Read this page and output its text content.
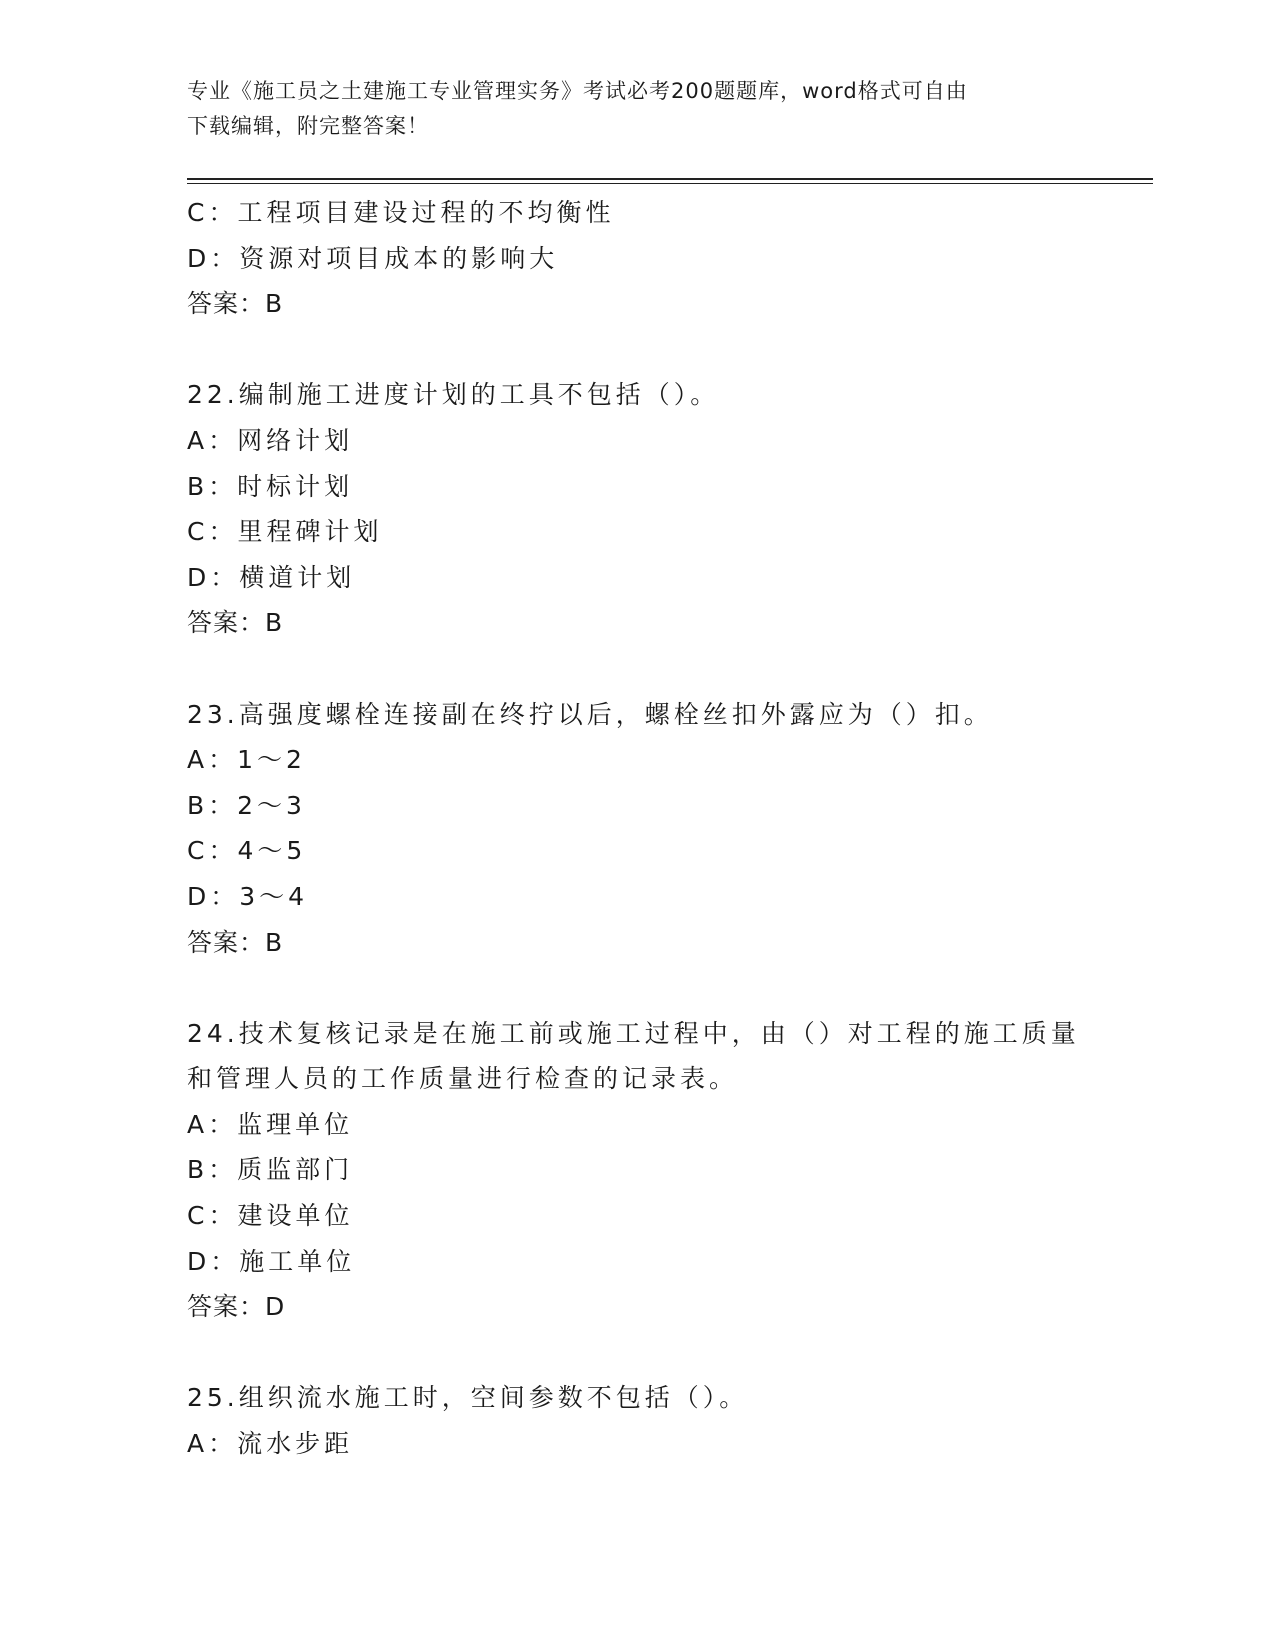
专业《施工员之土建施工专业管理实务》考试必考200题题库，word格式可自由
下载编辑，附完整答案！
C：工程项目建设过程的不均衡性
D：资源对项目成本的影响大
答案：B
22.编制施工进度计划的工具不包括（）。
A：网络计划
B：时标计划
C：里程碑计划
D：横道计划
答案：B
23.高强度螺栓连接副在终拧以后，螺栓丝扣外露应为（）扣。
A：1～2
B：2～3
C：4～5
D：3～4
答案：B
24.技术复核记录是在施工前或施工过程中，由（）对工程的施工质量
和管理人员的工作质量进行检查的记录表。
A：监理单位
B：质监部门
C：建设单位
D：施工单位
答案：D
25.组织流水施工时，空间参数不包括（）。
A：流水步距
